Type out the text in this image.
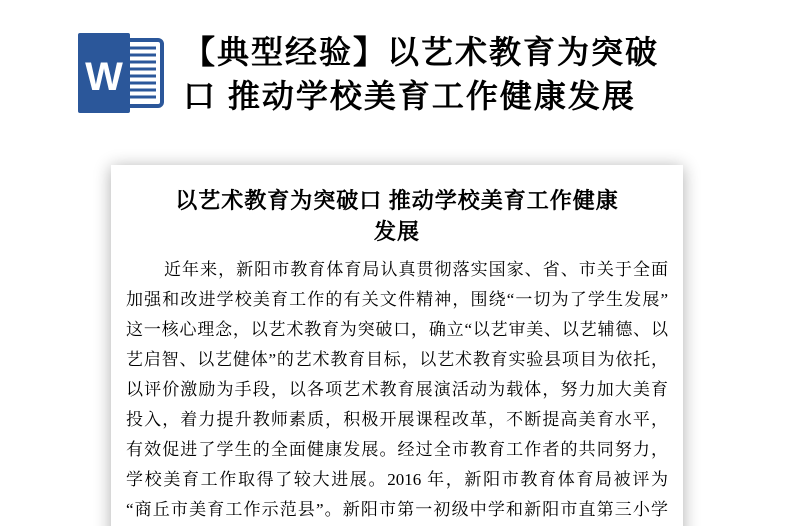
W
【典型经验】以艺术教育为突破
口 推动学校美育工作健康发展
以艺术教育为突破口 推动学校美育工作健康
发展
近年来，新阳市教育体育局认真贯彻落实国家、省、市关于全面
加强和改进学校美育工作的有关文件精神，围绕“一切为了学生发展”
这一核心理念，以艺术教育为突破口，确立“以艺审美、以艺辅德、以
艺启智、以艺健体”的艺术教育目标，以艺术教育实验县项目为依托，
以评价激励为手段，以各项艺术教育展演活动为载体，努力加大美育
投入，着力提升教师素质，积极开展课程改革，不断提高美育水平，
有效促进了学生的全面健康发展。经过全市教育工作者的共同努力，
学校美育工作取得了较大进展。2016 年，新阳市教育体育局被评为
“商丘市美育工作示范县”。新阳市第一初级中学和新阳市直第三小学
